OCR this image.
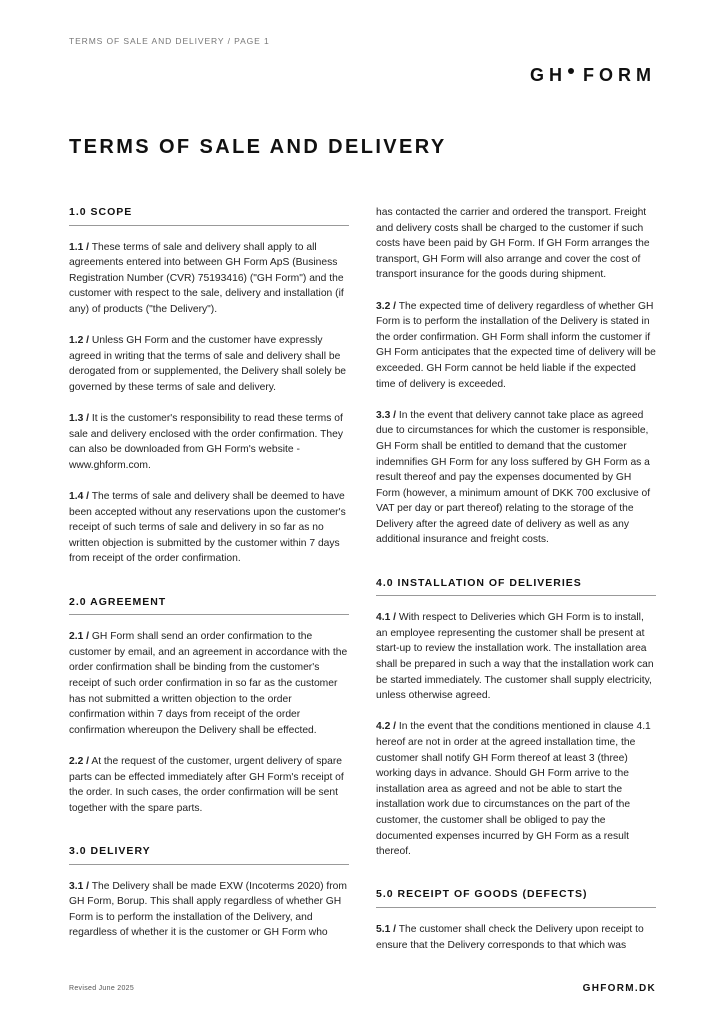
TERMS OF SALE AND DELIVERY / PAGE 1
GH FORM
TERMS OF SALE AND DELIVERY
1.0 SCOPE

1.1 / These terms of sale and delivery shall apply to all agreements entered into between GH Form ApS (Business Registration Number (CVR) 75193416) ("GH Form") and the customer with respect to the sale, delivery and installation (if any) of products ("the Delivery").

1.2 / Unless GH Form and the customer have expressly agreed in writing that the terms of sale and delivery shall be derogated from or supplemented, the Delivery shall solely be governed by these terms of sale and delivery.

1.3 / It is the customer's responsibility to read these terms of sale and delivery enclosed with the order confirmation. They can also be downloaded from GH Form's website - www.ghform.com.

1.4 / The terms of sale and delivery shall be deemed to have been accepted without any reservations upon the customer's receipt of such terms of sale and delivery in so far as no written objection is submitted by the customer within 7 days from receipt of the order confirmation.

2.0 AGREEMENT

2.1 / GH Form shall send an order confirmation to the customer by email, and an agreement in accordance with the order confirmation shall be binding from the customer's receipt of such order confirmation in so far as the customer has not submitted a written objection to the order confirmation within 7 days from receipt of the order confirmation whereupon the Delivery shall be effected.

2.2 / At the request of the customer, urgent delivery of spare parts can be effected immediately after GH Form's receipt of the order. In such cases, the order confirmation will be sent together with the spare parts.

3.0 DELIVERY

3.1 / The Delivery shall be made EXW (Incoterms 2020) from GH Form, Borup. This shall apply regardless of whether GH Form is to perform the installation of the Delivery, and regardless of whether it is the customer or GH Form who

has contacted the carrier and ordered the transport. Freight and delivery costs shall be charged to the customer if such costs have been paid by GH Form. If GH Form arranges the transport, GH Form will also arrange and cover the cost of transport insurance for the goods during shipment.

3.2 / The expected time of delivery regardless of whether GH Form is to perform the installation of the Delivery is stated in the order confirmation. GH Form shall inform the customer if GH Form anticipates that the expected time of delivery will be exceeded. GH Form cannot be held liable if the expected time of delivery is exceeded.

3.3 / In the event that delivery cannot take place as agreed due to circumstances for which the customer is responsible, GH Form shall be entitled to demand that the customer indemnifies GH Form for any loss suffered by GH Form as a result thereof and pay the expenses documented by GH Form (however, a minimum amount of DKK 700 exclusive of VAT per day or part thereof) relating to the storage of the Delivery after the agreed date of delivery as well as any additional insurance and freight costs.

4.0 INSTALLATION OF DELIVERIES

4.1 / With respect to Deliveries which GH Form is to install, an employee representing the customer shall be present at start-up to review the installation work. The installation area shall be prepared in such a way that the installation work can be started immediately. The customer shall supply electricity, unless otherwise agreed.

4.2 / In the event that the conditions mentioned in clause 4.1 hereof are not in order at the agreed installation time, the customer shall notify GH Form thereof at least 3 (three) working days in advance. Should GH Form arrive to the installation area as agreed and not be able to start the installation work due to circumstances on the part of the customer, the customer shall be obliged to pay the documented expenses incurred by GH Form as a result thereof.

5.0 RECEIPT OF GOODS (DEFECTS)

5.1 / The customer shall check the Delivery upon receipt to ensure that the Delivery corresponds to that which was

Revised June 2025	GHFORM.DK
